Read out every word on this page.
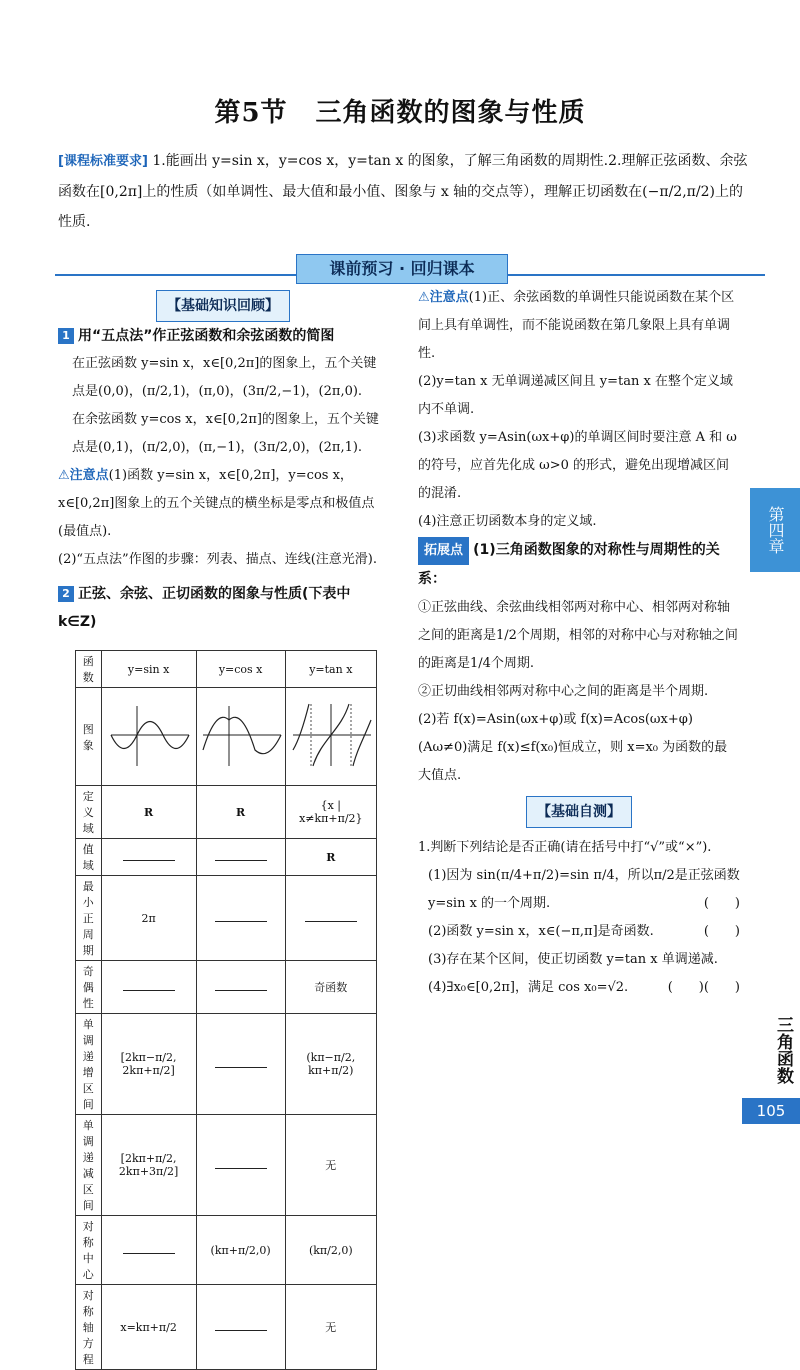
第5节 三角函数的图象与性质
[课程标准要求] 1.能画出 y=sin x，y=cos x，y=tan x 的图象，了解三角函数的周期性.2.理解正弦函数、余弦函数在[0,2π]上的性质（如单调性、最大值和最小值、图象与 x 轴的交点等），理解正切函数在(−π/2,π/2)上的性质.
课前预习 · 回归课本
【基础知识回顾】
1 用“五点法”作正弦函数和余弦函数的简图

在正弦函数 y=sin x，x∈[0,2π]的图象上，五个关键点是(0,0)，(π/2,1)，(π,0)，(3π/2,−1)，(2π,0).

在余弦函数 y=cos x，x∈[0,2π]的图象上，五个关键点是(0,1)，(π/2,0)，(π,−1)，(3π/2,0)，(2π,1).

⚠注意点(1)函数 y=sin x，x∈[0,2π]，y=cos x，x∈[0,2π]图象上的五个关键点的横坐标是零点和极值点(最值点).

(2)“五点法”作图的步骤：列表、描点、连线(注意光滑).

2 正弦、余弦、正切函数的图象与性质(下表中 k∈Z)
函数	y=sin x	y=cos x	y=tan x
图象			
定义域	R	R	{x | x≠kπ+π/2}
值域			R
最小正周期	2π		
奇偶性			奇函数
单调递增区间	[2kπ−π/2, 2kπ+π/2]		(kπ−π/2, kπ+π/2)
单调递减区间	[2kπ+π/2, 2kπ+3π/2]		无
对称中心		(kπ+π/2,0)	(kπ/2,0)
对称轴方程	x=kπ+π/2		无

⚠注意点(1)正、余弦函数的单调性只能说函数在某个区间上具有单调性，而不能说函数在第几象限上具有单调性.

(2)y=tan x 无单调递减区间且 y=tan x 在整个定义域内不单调.

(3)求函数 y=Asin(ωx+φ)的单调区间时要注意 A 和 ω 的符号，应首先化成 ω>0 的形式，避免出现增减区间的混淆.

(4)注意正切函数本身的定义域.

拓展点 (1)三角函数图象的对称性与周期性的关系：

①正弦曲线、余弦曲线相邻两对称中心、相邻两对称轴之间的距离是1/2个周期，相邻的对称中心与对称轴之间的距离是1/4个周期.

②正切曲线相邻两对称中心之间的距离是半个周期.

(2)若 f(x)=Asin(ωx+φ)或 f(x)=Acos(ωx+φ)(Aω≠0)满足 f(x)≤f(x₀)恒成立，则 x=x₀ 为函数的最大值点.

【基础自测】

1.判断下列结论是否正确(请在括号中打“√”或“×”).

(1)因为 sin(π/4+π/2)=sin π/4，所以π/2是正弦函数 y=sin x 的一个周期.	(　　)

(2)函数 y=sin x，x∈(−π,π]是奇函数.	(　　)

(3)存在某个区间，使正切函数 y=tan x 单调递减.
(　　)

(4)∃x₀∈[0,2π]，满足 cos x₀=√2.	(　　)

第四章
三角函数
105
